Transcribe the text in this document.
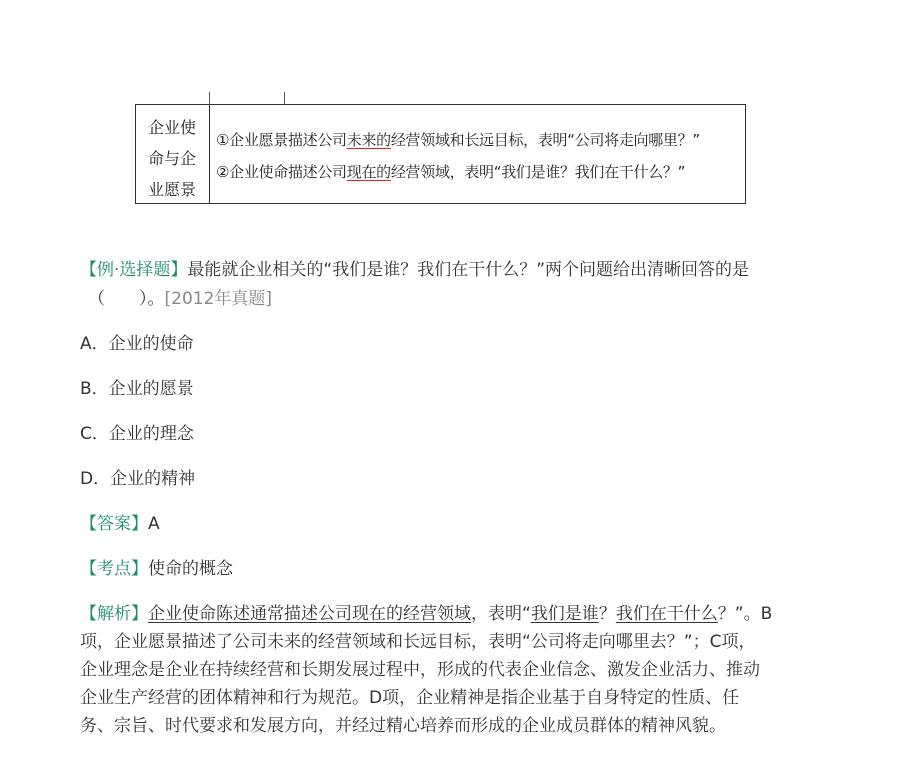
企业使
命与企
业愿景
①企业愿景描述公司未来的经营领域和长远目标，表明“公司将走向哪里？”
②企业使命描述公司现在的经营领域，表明“我们是谁？我们在干什么？”
【例·选择题】最能就企业相关的“我们是谁？我们在干什么？”两个问题给出清晰回答的是
（　　）。[2012年真题]
A．企业的使命
B．企业的愿景
C．企业的理念
D．企业的精神
【答案】A
【考点】使命的概念
【解析】企业使命陈述通常描述公司现在的经营领域，表明“我们是谁？我们在干什么？”。B
项，企业愿景描述了公司未来的经营领域和长远目标，表明“公司将走向哪里去？”；C项，
企业理念是企业在持续经营和长期发展过程中，形成的代表企业信念、激发企业活力、推动
企业生产经营的团体精神和行为规范。D项，企业精神是指企业基于自身特定的性质、任
务、宗旨、时代要求和发展方向，并经过精心培养而形成的企业成员群体的精神风貌。
